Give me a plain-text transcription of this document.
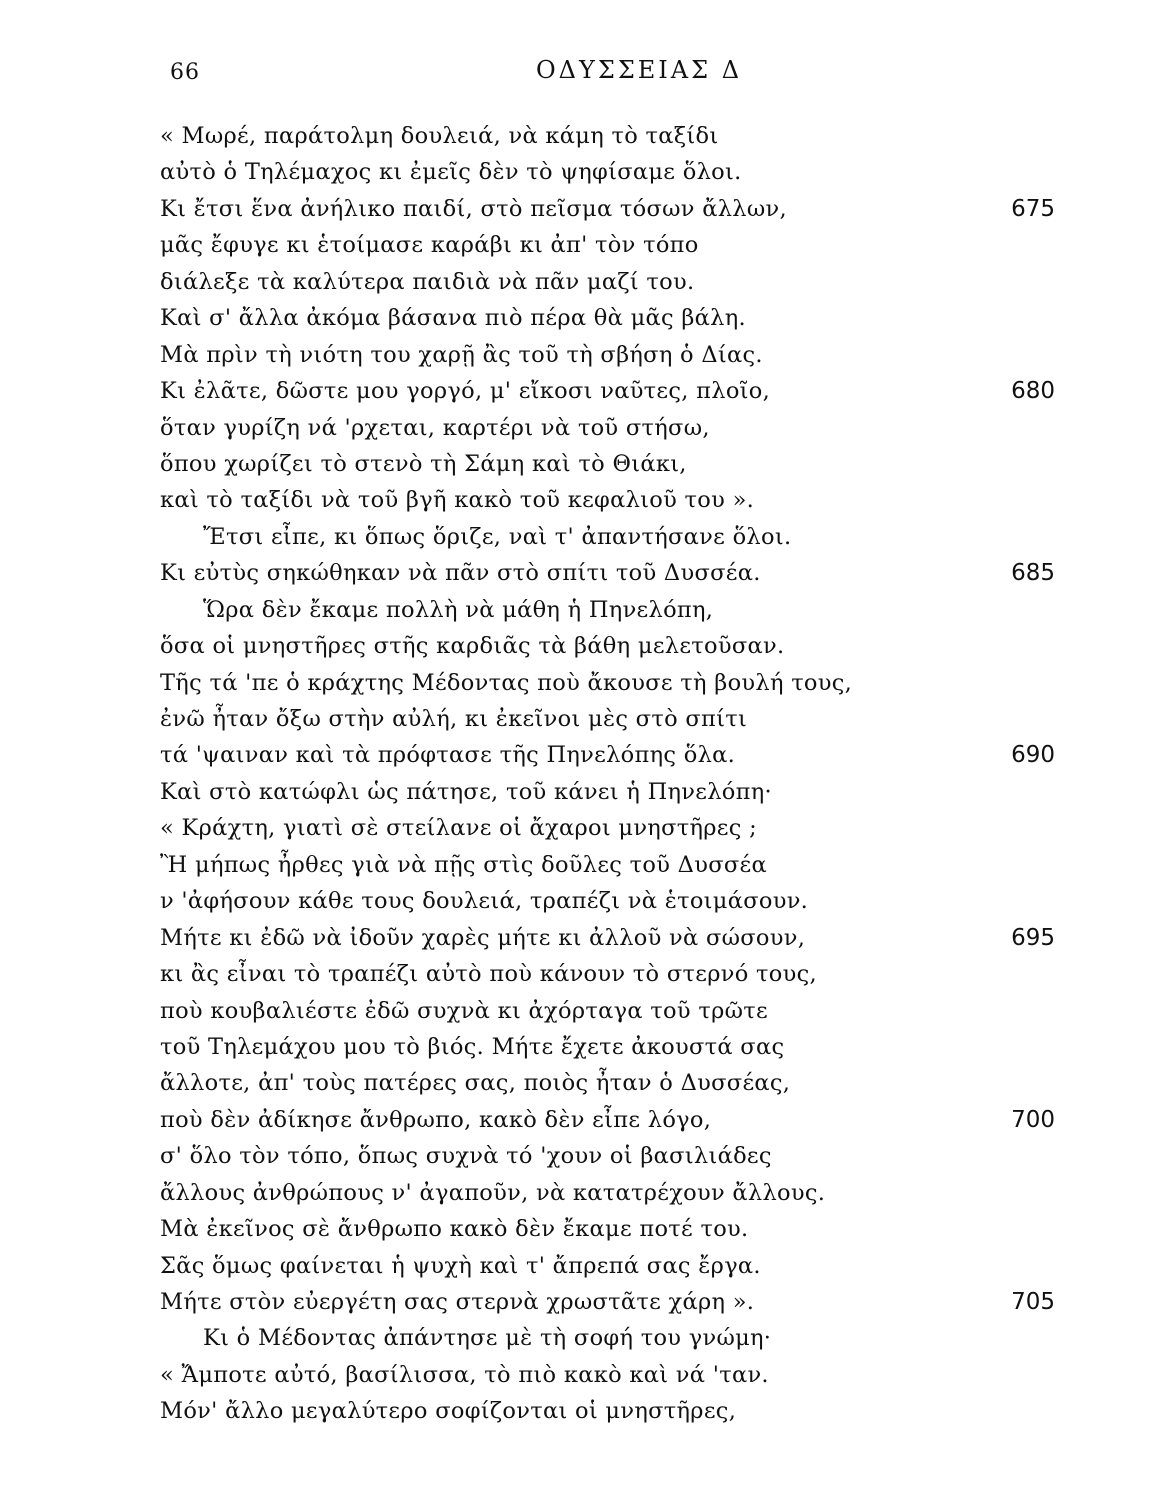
66	ΟΔΥΣΣΕΙΑΣ Δ
« Μωρέ, παράτολμη δουλειά, νὰ κάμη τὸ ταξίδι
αὐτὸ ὁ Τηλέμαχος κι ἐμεῖς δὲν τὸ ψηφίσαμε ὅλοι.
Κι ἔτσι ἕνα ἀνήλικο παιδί, στὸ πεῖσμα τόσων ἄλλων,	675
μᾶς ἔφυγε κι ἑτοίμασε καράβι κι ἀπ' τὸν τόπο
διάλεξε τὰ καλύτερα παιδιὰ νὰ πᾶν μαζί του.
Καὶ σ' ἄλλα ἀκόμα βάσανα πιὸ πέρα θὰ μᾶς βάλη.
Μὰ πρὶν τὴ νιότη του χαρῇ ἂς τοῦ τὴ σβήση ὁ Δίας.
Κι ἐλᾶτε, δῶστε μου γοργό, μ' εἴκοσι ναῦτες, πλοῖο,	680
ὅταν γυρίζη νά 'ρχεται, καρτέρι νὰ τοῦ στήσω,
ὅπου χωρίζει τὸ στενὸ τὴ Σάμη καὶ τὸ Θιάκι,
καὶ τὸ ταξίδι νὰ τοῦ βγῆ κακὸ τοῦ κεφαλιοῦ του ».
Ἔτσι εἶπε, κι ὅπως ὅριζε, ναὶ τ' ἀπαντήσανε ὅλοι.
Κι εὐτὺς σηκώθηκαν νὰ πᾶν στὸ σπίτι τοῦ Δυσσέα.	685
Ὥρα δὲν ἔκαμε πολλὴ νὰ μάθη ἡ Πηνελόπη,
ὅσα οἱ μνηστῆρες στῆς καρδιᾶς τὰ βάθη μελετοῦσαν.
Τῆς τά 'πε ὁ κράχτης Μέδοντας ποὺ ἄκουσε τὴ βουλή τους,
ἐνῶ ἦταν ὄξω στὴν αὐλή, κι ἐκεῖνοι μὲς στὸ σπίτι
τά 'ψαιναν καὶ τὰ πρόφτασε τῆς Πηνελόπης ὅλα.	690
Καὶ στὸ κατώφλι ὡς πάτησε, τοῦ κάνει ἡ Πηνελόπη·
« Κράχτη, γιατὶ σὲ στείλανε οἱ ἄχαροι μνηστῆρες ;
Ἢ μήπως ἦρθες γιὰ νὰ πῇς στὶς δοῦλες τοῦ Δυσσέα
ν 'ἀφήσουν κάθε τους δουλειά, τραπέζι νὰ ἑτοιμάσουν.
Μήτε κι ἐδῶ νὰ ἰδοῦν χαρὲς μήτε κι ἀλλοῦ νὰ σώσουν,	695
κι ἂς εἶναι τὸ τραπέζι αὐτὸ ποὺ κάνουν τὸ στερνό τους,
ποὺ κουβαλιέστε ἐδῶ συχνὰ κι ἀχόρταγα τοῦ τρῶτε
τοῦ Τηλεμάχου μου τὸ βιός. Μήτε ἔχετε ἀκουστά σας
ἄλλοτε, ἀπ' τοὺς πατέρες σας, ποιὸς ἦταν ὁ Δυσσέας,
ποὺ δὲν ἀδίκησε ἄνθρωπο, κακὸ δὲν εἶπε λόγο,	700
σ' ὅλο τὸν τόπο, ὅπως συχνὰ τό 'χουν οἱ βασιλιάδες
ἄλλους ἀνθρώπους ν' ἀγαποῦν, νὰ κατατρέχουν ἄλλους.
Μὰ ἐκεῖνος σὲ ἄνθρωπο κακὸ δὲν ἔκαμε ποτέ του.
Σᾶς ὅμως φαίνεται ἡ ψυχὴ καὶ τ' ἄπρεπά σας ἔργα.
Μήτε στὸν εὐεργέτη σας στερνὰ χρωστᾶτε χάρη ».	705
Κι ὁ Μέδοντας ἀπάντησε μὲ τὴ σοφή του γνώμη·
« Ἄμποτε αὐτό, βασίλισσα, τὸ πιὸ κακὸ καὶ νά 'ταν.
Μόν' ἄλλο μεγαλύτερο σοφίζονται οἱ μνηστῆρες,
